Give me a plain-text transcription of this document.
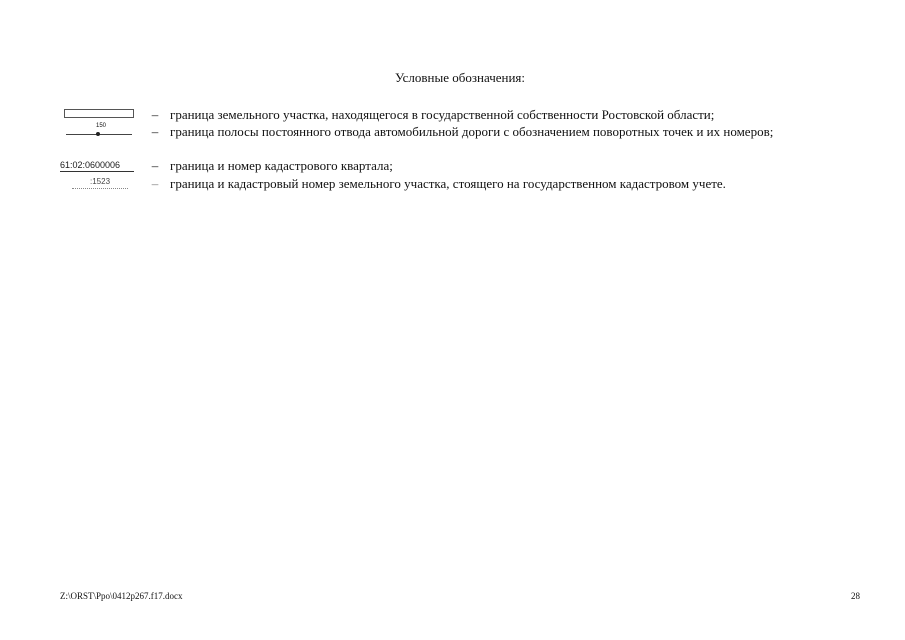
Условные обозначения:
– граница земельного участка, находящегося в государственной собственности Ростовской области;
150	– граница полосы постоянного отвода автомобильной дороги с обозначением поворотных точек и их номеров;
61:02:0600006 – граница и номер кадастрового квартала;
:1523	– граница и кадастровый номер земельного участка, стоящего на государственном кадастровом учете.
Z:\ORST\Ppo\0412p267.f17.docx	28
